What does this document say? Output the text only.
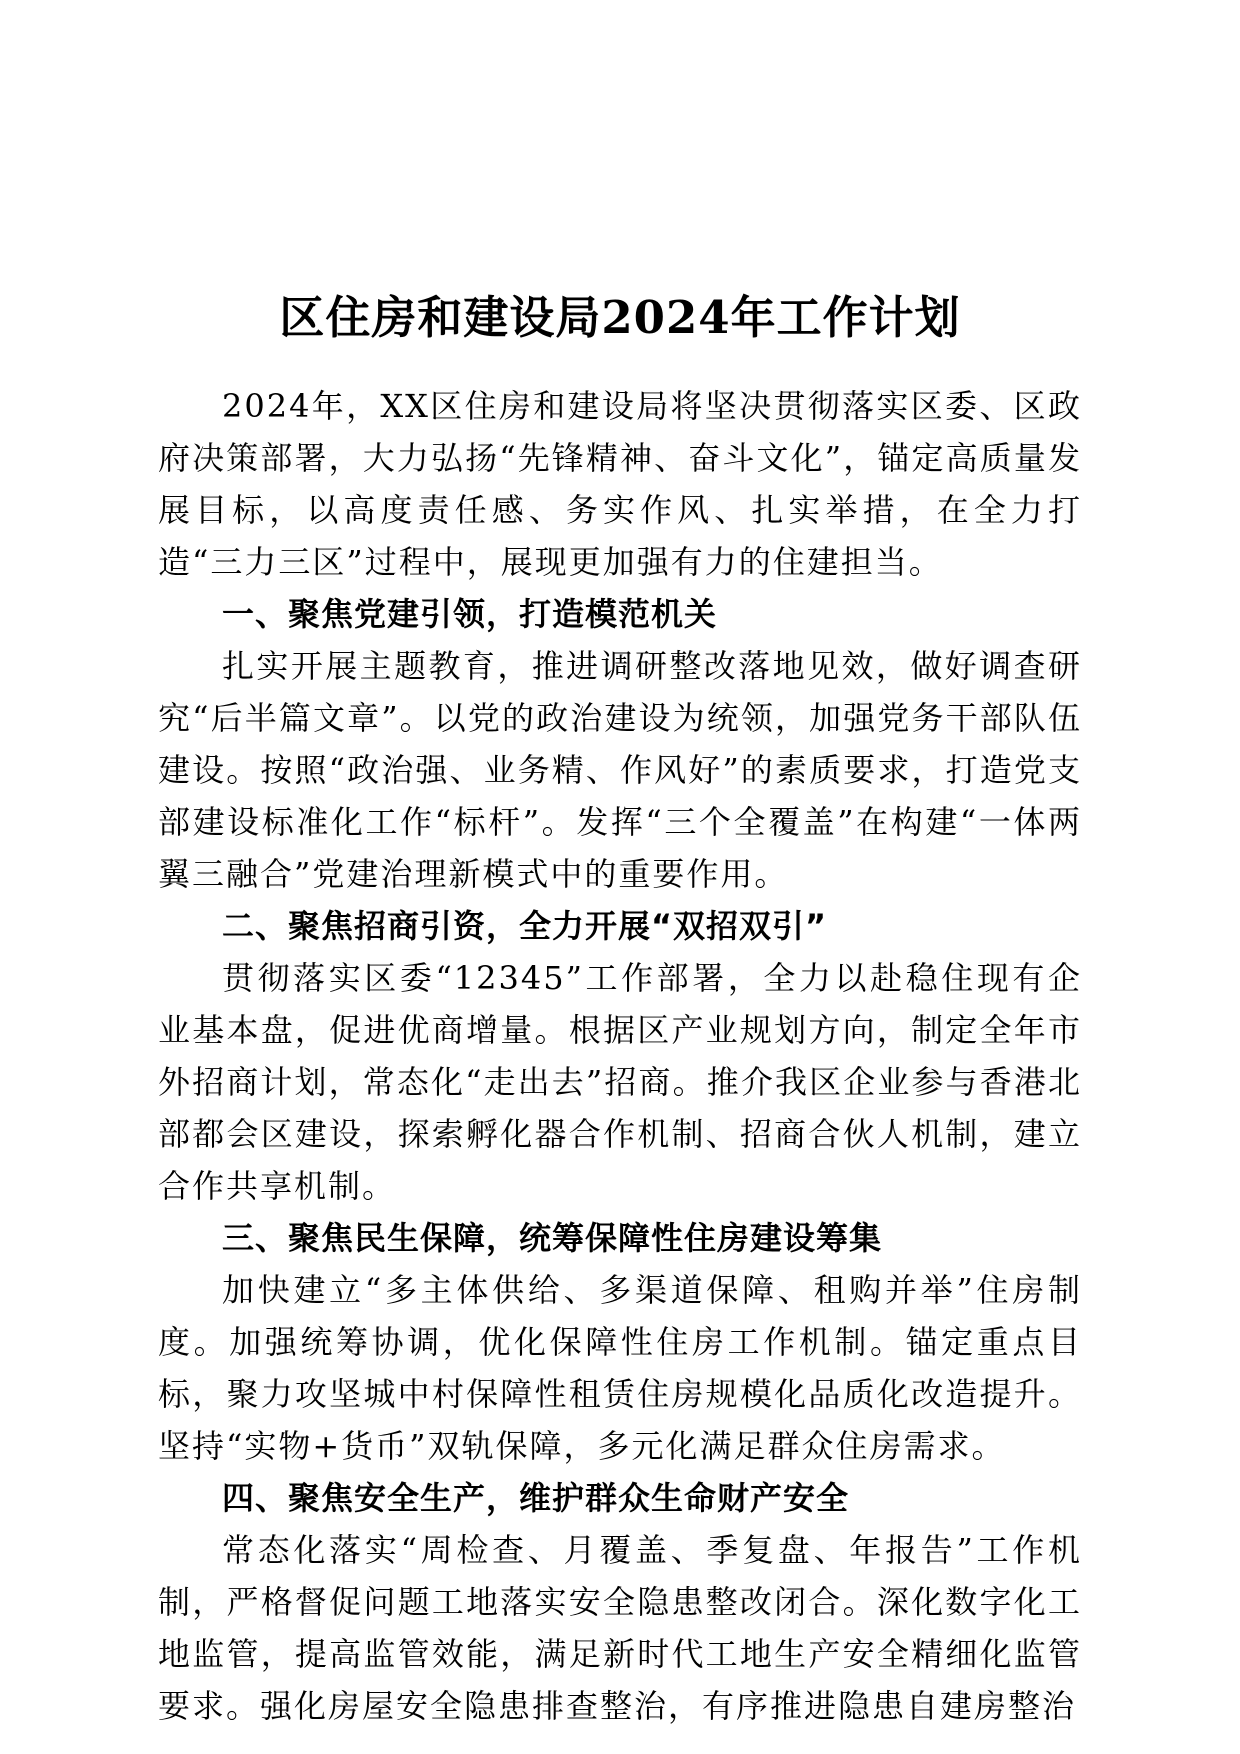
区住房和建设局2024年工作计划

2024年，XX区住房和建设局将坚决贯彻落实区委、区政府决策部署，大力弘扬“先锋精神、奋斗文化”，锚定高质量发展目标，以高度责任感、务实作风、扎实举措，在全力打造“三力三区”过程中，展现更加强有力的住建担当。

一、聚焦党建引领，打造模范机关

扎实开展主题教育，推进调研整改落地见效，做好调查研究“后半篇文章”。以党的政治建设为统领，加强党务干部队伍建设。按照“政治强、业务精、作风好”的素质要求，打造党支部建设标准化工作“标杆”。发挥“三个全覆盖”在构建“一体两翼三融合”党建治理新模式中的重要作用。

二、聚焦招商引资，全力开展“双招双引”

贯彻落实区委“12345”工作部署，全力以赴稳住现有企业基本盘，促进优商增量。根据区产业规划方向，制定全年市外招商计划，常态化“走出去”招商。推介我区企业参与香港北部都会区建设，探索孵化器合作机制、招商合伙人机制，建立合作共享机制。

三、聚焦民生保障，统筹保障性住房建设筹集

加快建立“多主体供给、多渠道保障、租购并举”住房制度。加强统筹协调，优化保障性住房工作机制。锚定重点目标，聚力攻坚城中村保障性租赁住房规模化品质化改造提升。坚持“实物+货币”双轨保障，多元化满足群众住房需求。

四、聚焦安全生产，维护群众生命财产安全

常态化落实“周检查、月覆盖、季复盘、年报告”工作机制，严格督促问题工地落实安全隐患整改闭合。深化数字化工地监管，提高监管效能，满足新时代工地生产安全精细化监管要求。强化房屋安全隐患排查整治，有序推进隐患自建房整治
